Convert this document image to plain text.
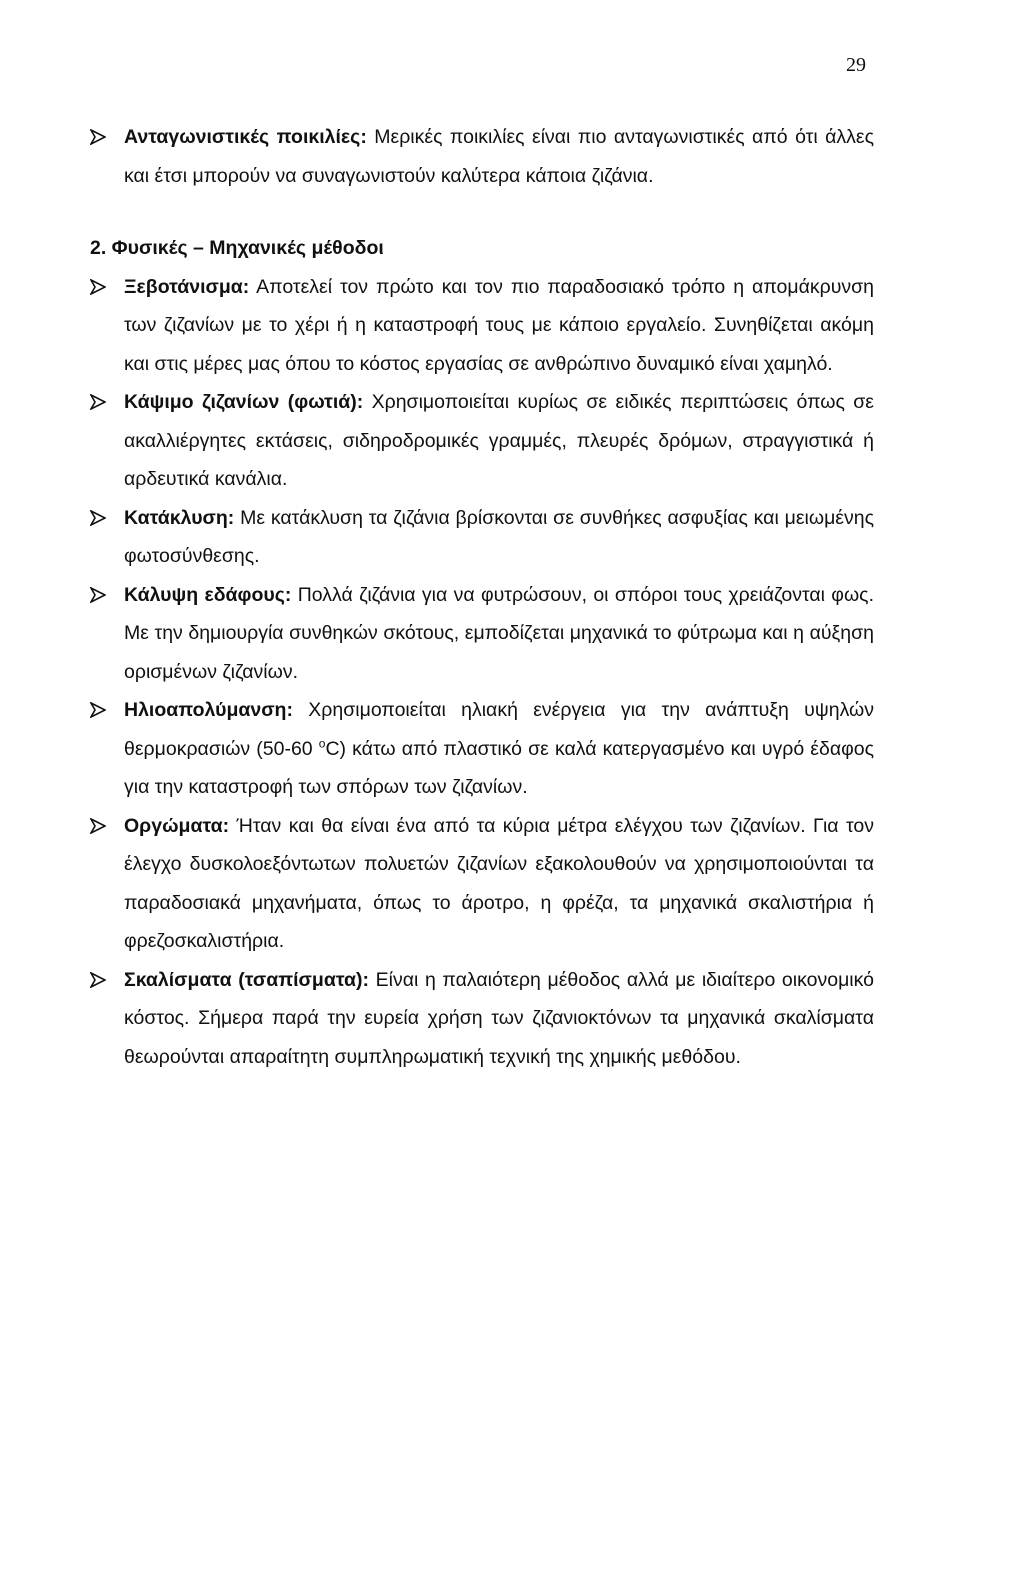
29

Ανταγωνιστικές ποικιλίες: Μερικές ποικιλίες είναι πιο ανταγωνιστικές από ότι άλλες και έτσι μπορούν να συναγωνιστούν καλύτερα κάποια ζιζάνια.

2. Φυσικές – Μηχανικές μέθοδοι

Ξεβοτάνισμα: Αποτελεί τον πρώτο και τον πιο παραδοσιακό τρόπο η απομάκρυνση των ζιζανίων με το χέρι ή η καταστροφή τους με κάποιο εργαλείο. Συνηθίζεται ακόμη και στις μέρες μας όπου το κόστος εργασίας σε ανθρώπινο δυναμικό είναι χαμηλό.

Κάψιμο ζιζανίων (φωτιά): Χρησιμοποιείται κυρίως σε ειδικές περιπτώσεις όπως σε ακαλλιέργητες εκτάσεις, σιδηροδρομικές γραμμές, πλευρές δρόμων, στραγγιστικά ή αρδευτικά κανάλια.

Κατάκλυση: Με κατάκλυση τα ζιζάνια βρίσκονται σε συνθήκες ασφυξίας και μειωμένης φωτοσύνθεσης.

Κάλυψη εδάφους: Πολλά ζιζάνια για να φυτρώσουν, οι σπόροι τους χρειάζονται φως. Με την δημιουργία συνθηκών σκότους, εμποδίζεται μηχανικά το φύτρωμα και η αύξηση ορισμένων ζιζανίων.

Ηλιοαπολύμανση: Χρησιμοποιείται ηλιακή ενέργεια για την ανάπτυξη υψηλών θερμοκρασιών (50-60 $^o$C) κάτω από πλαστικό σε καλά κατεργασμένο και υγρό έδαφος για την καταστροφή των σπόρων των ζιζανίων.

Οργώματα: Ήταν και θα είναι ένα από τα κύρια μέτρα ελέγχου των ζιζανίων. Για τον έλεγχο δυσκολοεξόντωτων πολυετών ζιζανίων εξακολουθούν να χρησιμοποιούνται τα παραδοσιακά μηχανήματα, όπως το άροτρο, η φρέζα, τα μηχανικά σκαλιστήρια ή φρεζοσκαλιστήρια.

Σκαλίσματα (τσαπίσματα): Είναι η παλαιότερη μέθοδος αλλά με ιδιαίτερο οικονομικό κόστος. Σήμερα παρά την ευρεία χρήση των ζιζανιοκτόνων τα μηχανικά σκαλίσματα θεωρούνται απαραίτητη συμπληρωματική τεχνική της χημικής μεθόδου.
